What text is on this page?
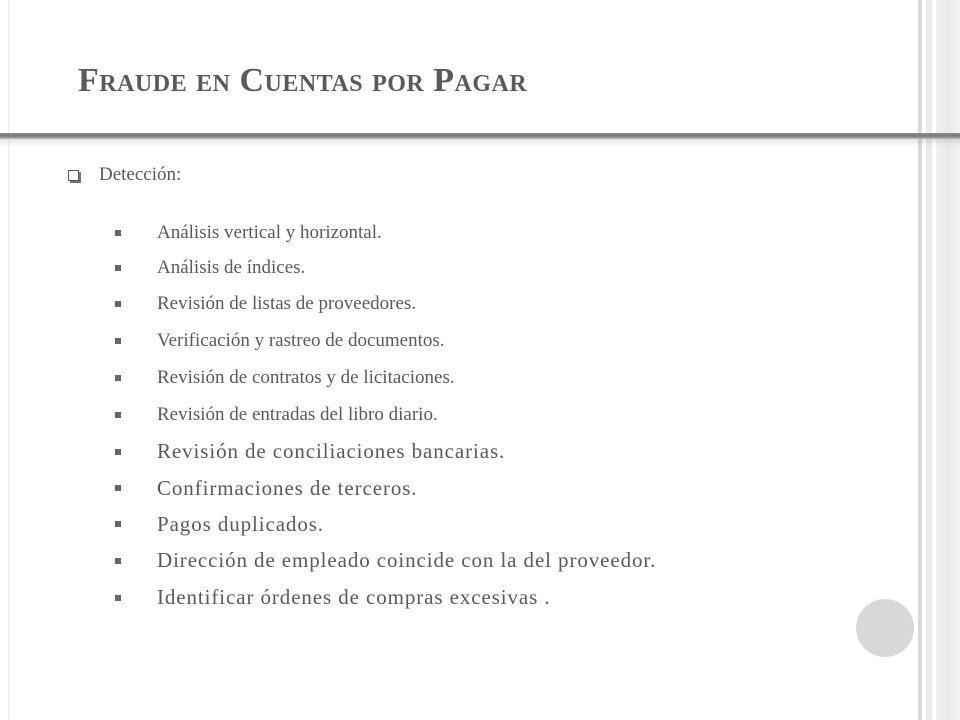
Fraude en Cuentas por Pagar
Detección:
Análisis vertical y horizontal.
Análisis de índices.
Revisión de listas de proveedores.
Verificación y rastreo de documentos.
Revisión de contratos y de licitaciones.
Revisión de entradas del libro diario.
Revisión de conciliaciones bancarias.
Confirmaciones de terceros.
Pagos duplicados.
Dirección de empleado coincide con la del proveedor.
Identificar órdenes de compras excesivas .
